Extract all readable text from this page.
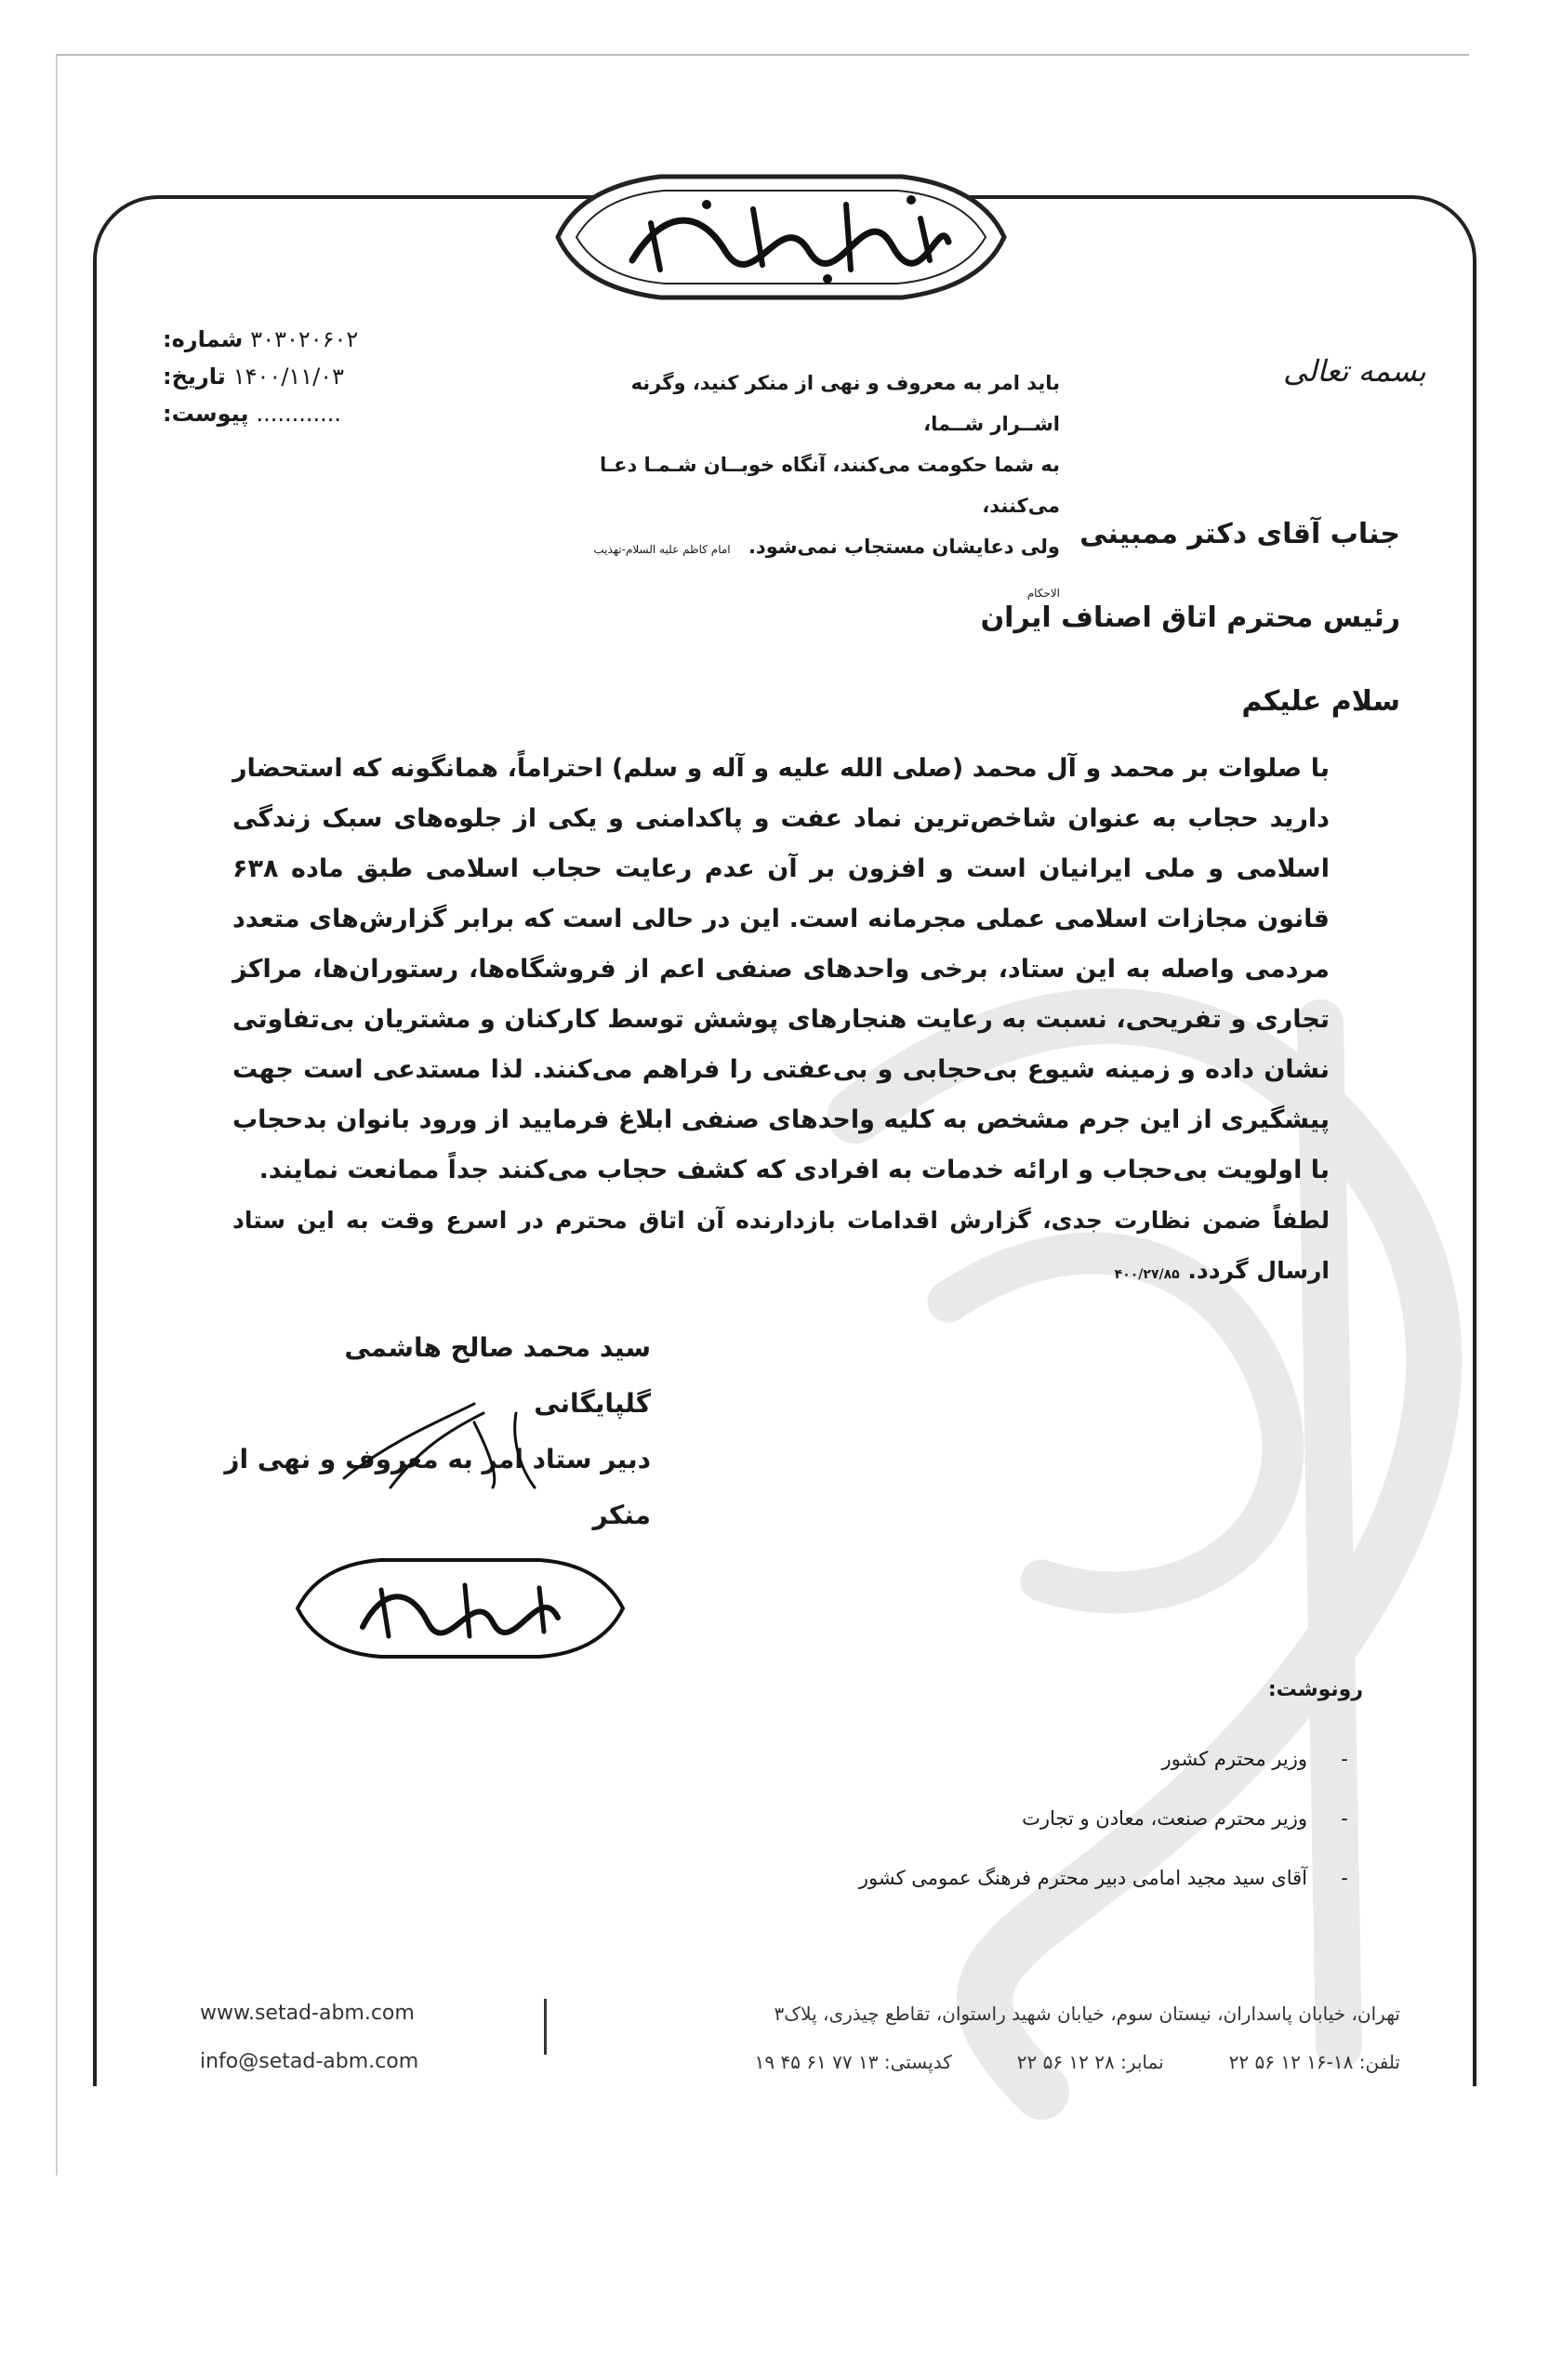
۳۰۳۰۲۰۶۰۲
شماره:
۱۴۰۰/۱۱/۰۳
تاریخ:
............
پیوست:
باید امر به معروف و نهی از منکر کنید، وگرنه اشــرار شــما،
به شما حکومت می‌کنند، آنگاه خوبــان شـمـا دعـا می‌کنند،
ولی دعایشان مستجاب نمی‌شود. امام کاظم علیه السلام-تهذیب الاحکام
بسمه تعالی
جناب آقای دکتر ممبینی
رئیس محترم اتاق اصناف ایران
سلام علیکم

با صلوات بر محمد و آل محمد (صلی الله علیه و آله و سلم) احتراماً، همانگونه که استحضار دارید حجاب به عنوان شاخص‌ترین نماد عفت و پاکدامنی و یکی از جلوه‌های سبک زندگی اسلامی و ملی ایرانیان است و افزون بر آن عدم رعایت حجاب اسلامی طبق ماده ۶۳۸ قانون مجازات اسلامی عملی مجرمانه است. این در حالی است که برابر گزارش‌های متعدد مردمی واصله به این ستاد، برخی واحدهای صنفی اعم از فروشگاه‌ها، رستوران‌ها، مراکز تجاری و تفریحی، نسبت به رعایت هنجارهای پوشش توسط کارکنان و مشتریان بی‌تفاوتی نشان داده و زمینه شیوع بی‌حجابی و بی‌عفتی را فراهم می‌کنند. لذا مستدعی است جهت پیشگیری از این جرم مشخص به کلیه واحدهای صنفی ابلاغ فرمایید از ورود بانوان بدحجاب با اولویت بی‌حجاب و ارائه خدمات به افرادی که کشف حجاب می‌کنند جداً ممانعت نمایند.

لطفاً ضمن نظارت جدی، گزارش اقدامات بازدارنده آن اتاق محترم در اسرع وقت به این ستاد ارسال گردد. ۴۰۰/۲۷/۸۵

سید محمد صالح هاشمی گلپایگانی
دبیر ستاد امر به معروف و نهی از منکر
رونوشت:
-
وزیر محترم کشور
-
وزیر محترم صنعت، معادن و تجارت
-
آقای سید مجید امامی دبیر محترم فرهنگ عمومی کشور
www.setad-abm.com
info@setad-abm.com
تهران، خیابان پاسداران، نیستان سوم، خیابان شهید راستوان، تقاطع چیذری، پلاک۳
تلفن: ۱۸-۱۶ ۱۲ ۵۶ ۲۲
نمابر: ۲۸ ۱۲ ۵۶ ۲۲
کدپستی: ۱۳ ۷۷ ۶۱ ۴۵ ۱۹
